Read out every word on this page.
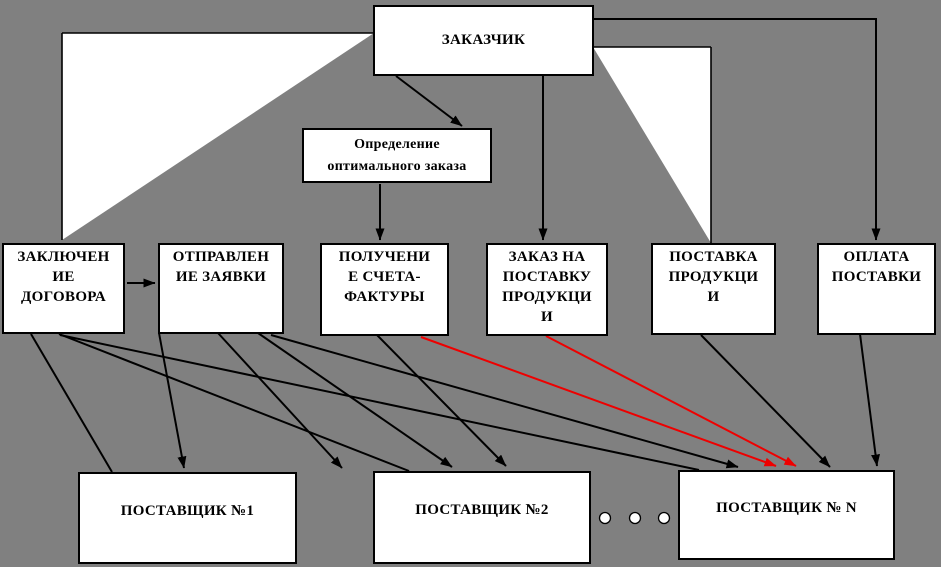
ЗАКАЗЧИК
Определение
оптимального заказа
ЗАКЛЮЧЕН
ИЕ
ДОГОВОРА
ОТПРАВЛЕН
ИЕ ЗАЯВКИ
ПОЛУЧЕНИ
Е СЧЕТА-
ФАКТУРЫ
ЗАКАЗ НА
ПОСТАВКУ
ПРОДУКЦИ
И
ПОСТАВКА
ПРОДУКЦИ
И
ОПЛАТА
ПОСТАВКИ
ПОСТАВЩИК №1	ПОСТАВЩИК №2	ПОСТАВЩИК № N
